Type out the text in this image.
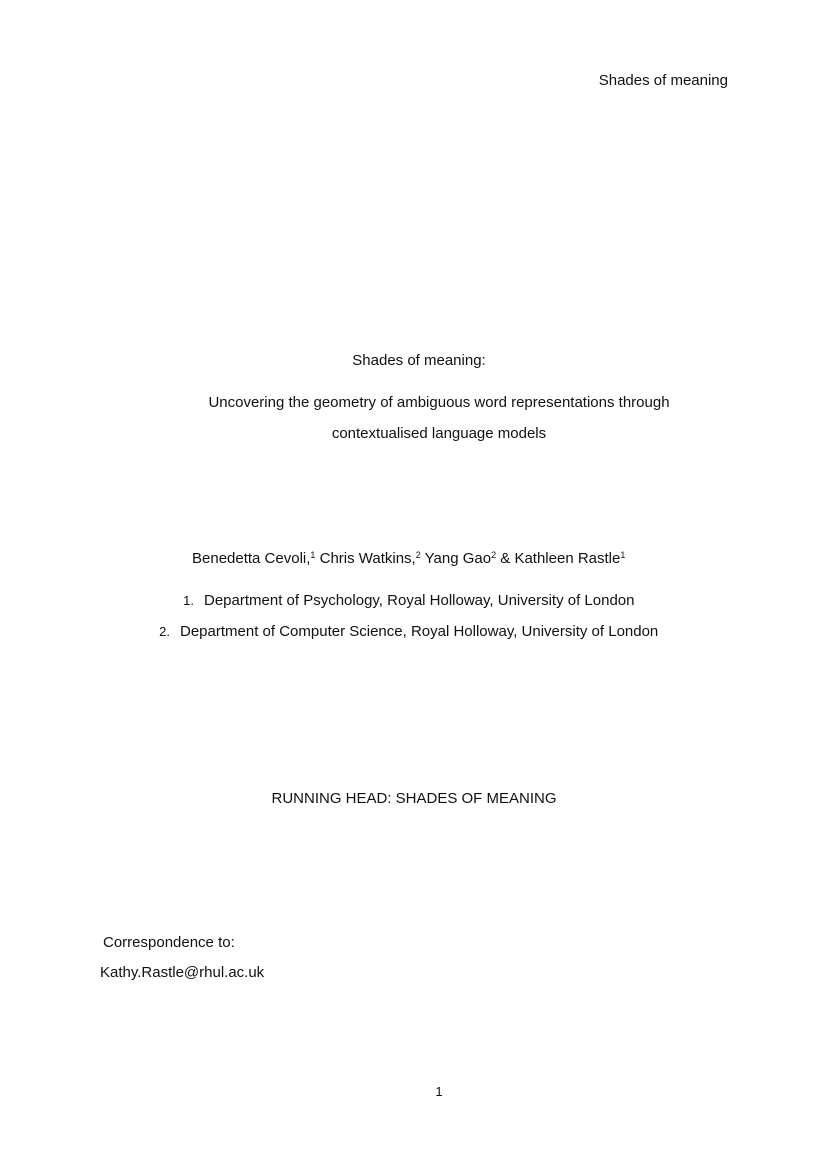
Shades of meaning
Shades of meaning:
Uncovering the geometry of ambiguous word representations through
contextualised language models
Benedetta Cevoli,$^1$ Chris Watkins,$^2$ Yang Gao$^2$ & Kathleen Rastle$^1$
1. Department of Psychology, Royal Holloway, University of London
2. Department of Computer Science, Royal Holloway, University of London
RUNNING HEAD: SHADES OF MEANING
Correspondence to:
Kathy.Rastle@rhul.ac.uk
1
